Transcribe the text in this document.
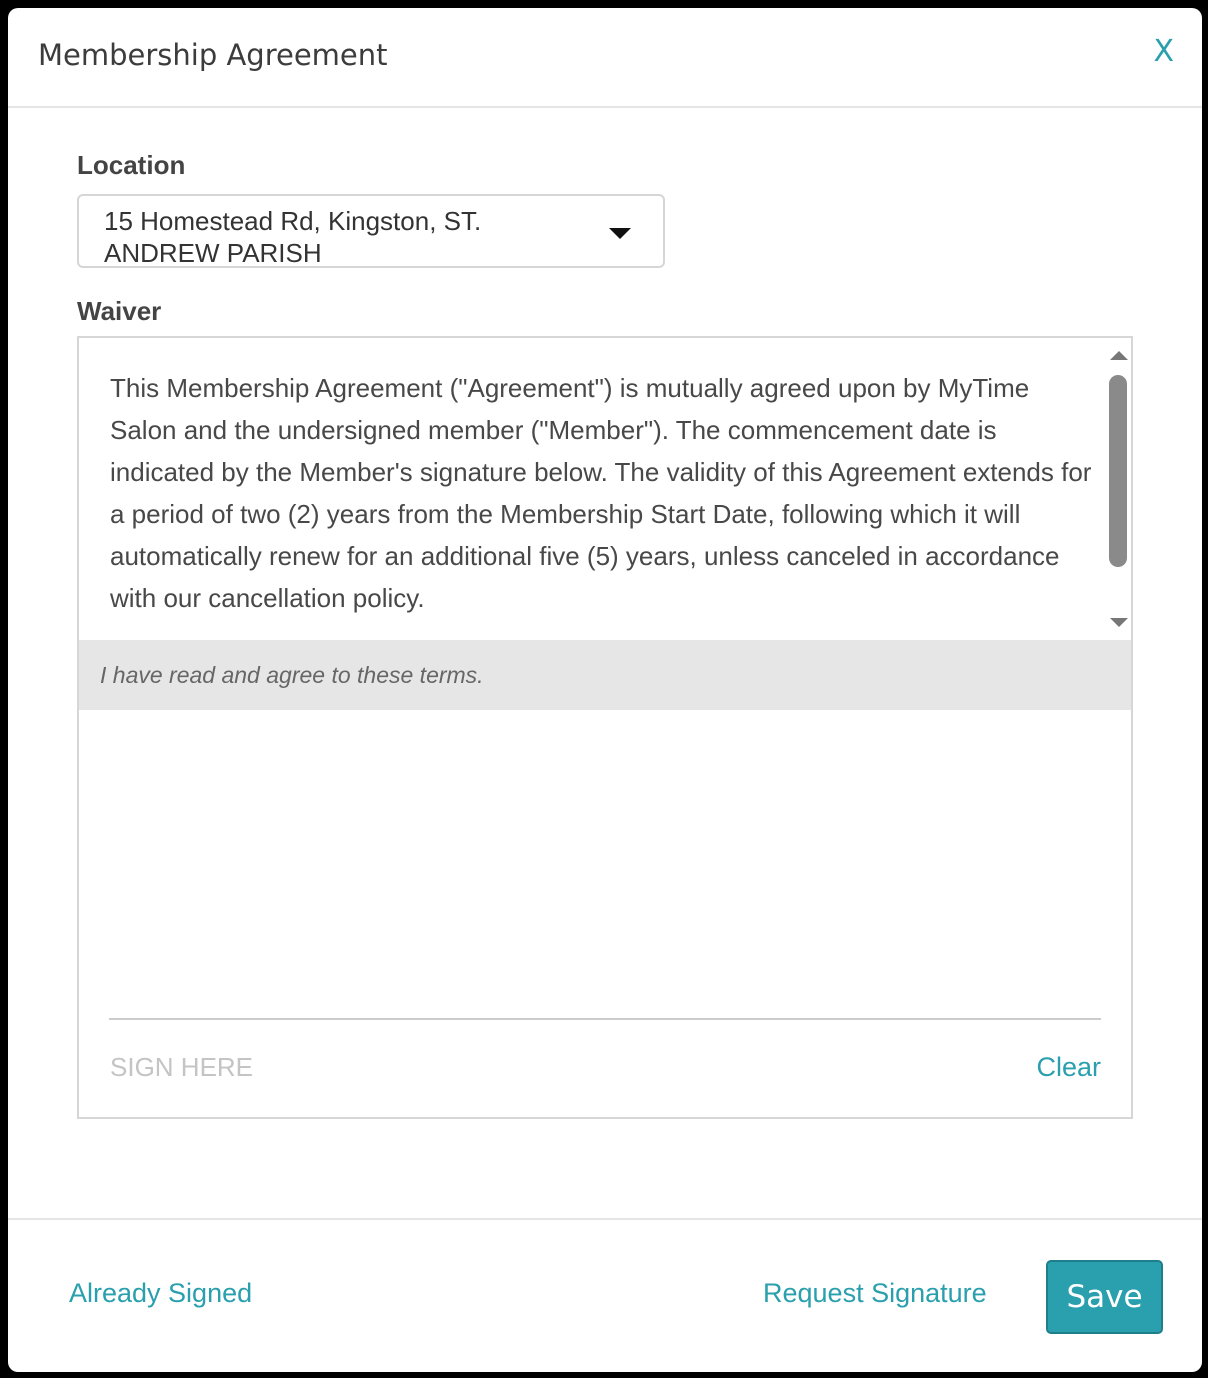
Membership Agreement	X
Location
15 Homestead Rd, Kingston, ST. ANDREW PARISH
Waiver
This Membership Agreement ("Agreement") is mutually agreed upon by MyTime Salon and the undersigned member ("Member"). The commencement date is indicated by the Member's signature below. The validity of this Agreement extends for a period of two (2) years from the Membership Start Date, following which it will automatically renew for an additional five (5) years, unless canceled in accordance with our cancellation policy.
I have read and agree to these terms.
SIGN HERE	Clear
Already Signed	Request Signature	Save
